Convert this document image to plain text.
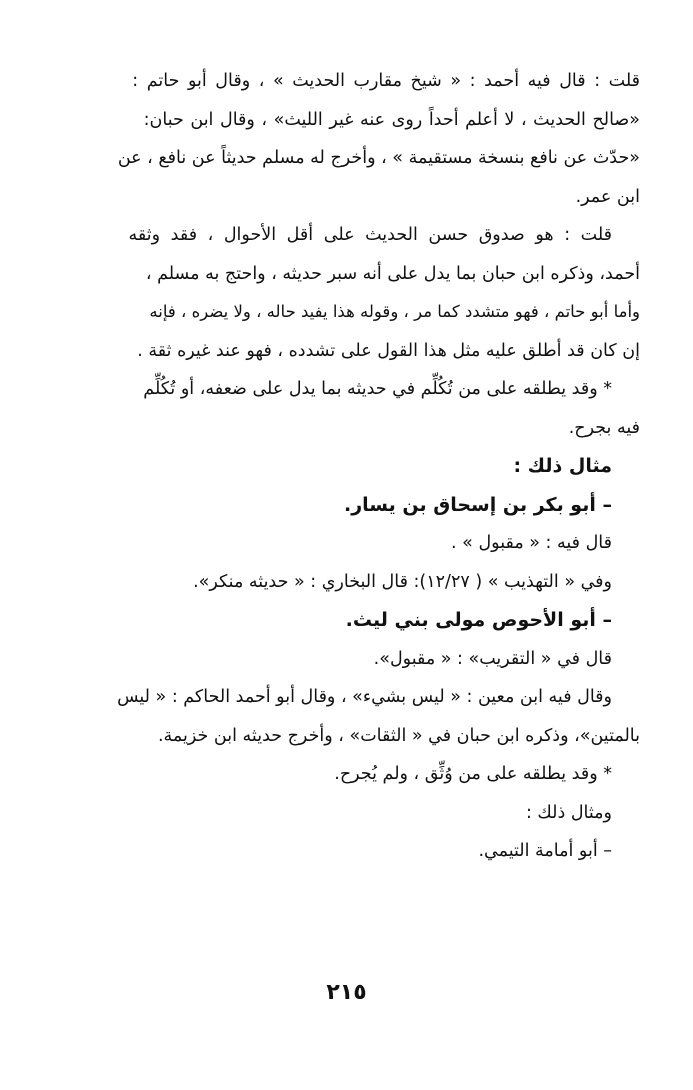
قلت : قال فيه أحمد : « شيخ مقارب الحديث » ، وقال أبو حاتم :
«صالح الحديث ، لا أعلم أحداً روى عنه غير الليث» ، وقال ابن حبان:
«حدّث عن نافع بنسخة مستقيمة » ، وأخرج له مسلم حديثاً عن نافع ، عن
ابن عمر.
قلت : هو صدوق حسن الحديث على أقل الأحوال ، فقد وثقه
أحمد، وذكره ابن حبان بما يدل على أنه سبر حديثه ، واحتج به مسلم ،
وأما أبو حاتم ، فهو متشدد كما مر ، وقوله هذا يفيد حاله ، ولا يضره ، فإنه
إن كان قد أطلق عليه مثل هذا القول على تشدده ، فهو عند غيره ثقة .
* وقد يطلقه على من تُكُلِّم في حديثه بما يدل على ضعفه، أو تُكُلِّم
فيه بجرح.
مثال ذلك :
– أبو بكر بن إسحاق بن يسار.
قال فيه : « مقبول » .
وفي « التهذيب » ( ١٢/٢٧): قال البخاري : « حديثه منكر».
– أبو الأحوص مولى بني ليث.
قال في « التقريب» : « مقبول».
وقال فيه ابن معين : « ليس بشيء» ، وقال أبو أحمد الحاكم : « ليس
بالمتين»، وذكره ابن حبان في « الثقات» ، وأخرج حديثه ابن خزيمة.
* وقد يطلقه على من وُثِّق ، ولم يُجرح.
ومثال ذلك :
– أبو أمامة التيمي.
٢١٥
